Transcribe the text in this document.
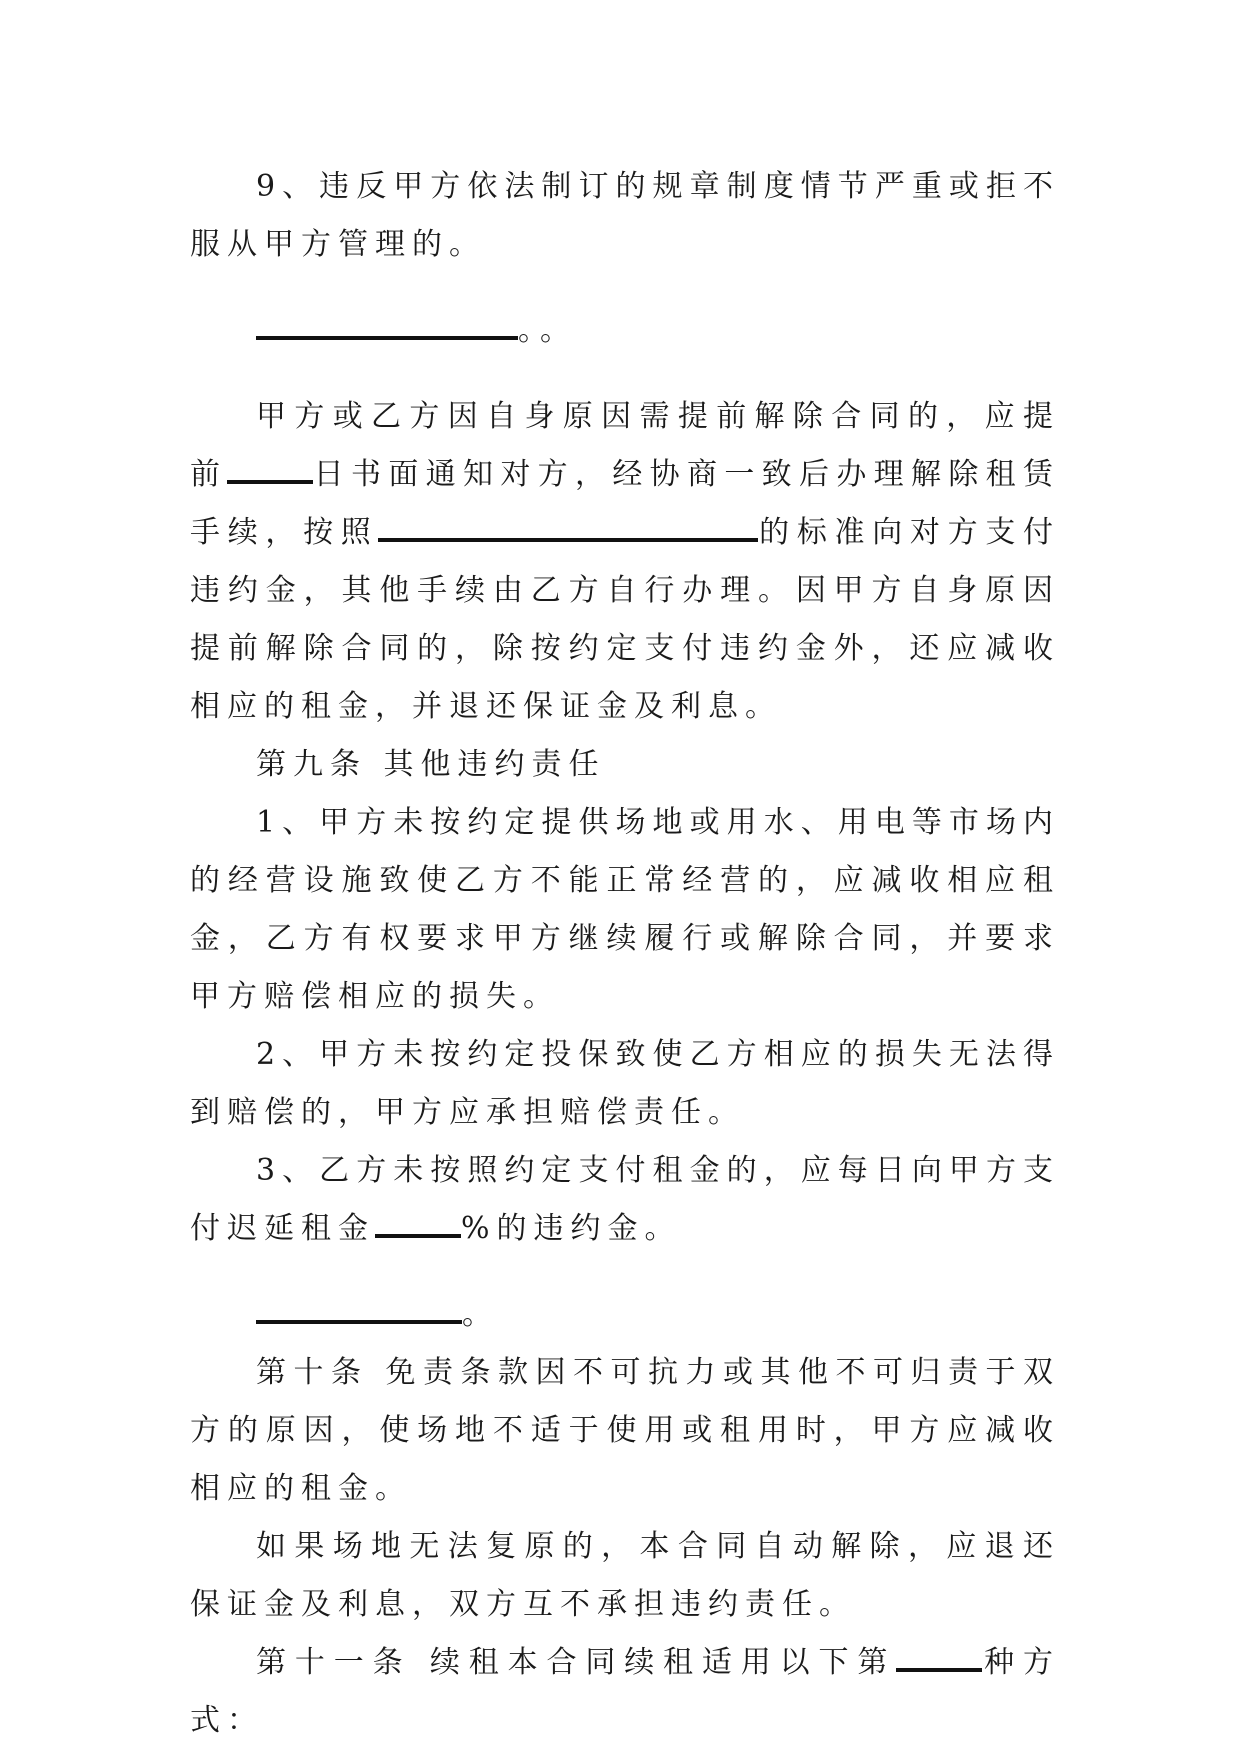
9、违反甲方依法制订的规章制度情节严重或拒不服从甲方管理的。

。。

甲方或乙方因自身原因需提前解除合同的，应提前	日书面通知对方，经协商一致后办理解除租赁手续，按照	的标准向对方支付违约金，其他手续由乙方自行办理。因甲方自身原因提前解除合同的，除按约定支付违约金外，还应减收相应的租金，并退还保证金及利息。

第九条 其他违约责任

1、甲方未按约定提供场地或用水、用电等市场内的经营设施致使乙方不能正常经营的，应减收相应租金，乙方有权要求甲方继续履行或解除合同，并要求甲方赔偿相应的损失。

2、甲方未按约定投保致使乙方相应的损失无法得到赔偿的，甲方应承担赔偿责任。

3、乙方未按照约定支付租金的，应每日向甲方支付迟延租金	%的违约金。

。

第十条 免责条款因不可抗力或其他不可归责于双方的原因，使场地不适于使用或租用时，甲方应减收相应的租金。

如果场地无法复原的，本合同自动解除，应退还保证金及利息，双方互不承担违约责任。

第十一条 续租本合同续租适用以下第	种方式：
